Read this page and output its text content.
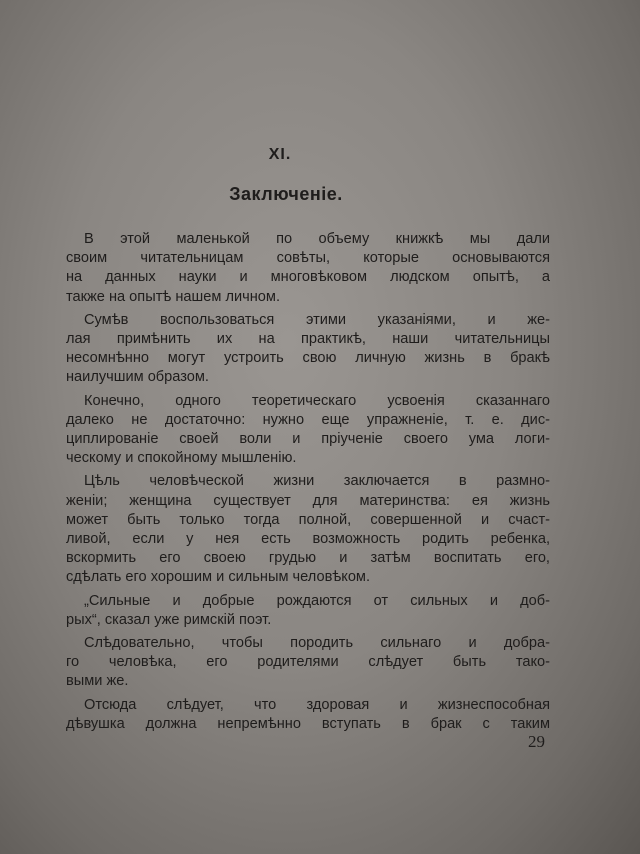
XI.
Заключенiе.
В этой маленькой по объему книжкѣ мы дали
своим читательницам совѣты, которые основываются
на данных науки и многовѣковом людском опытѣ, а
также на опытѣ нашем личном.
Сумѣв воспользоваться этими указанiями, и же-
лая примѣнить их на практикѣ, наши читательницы
несомнѣнно могут устроить свою личную жизнь в бракѣ
наилучшим образом.
Конечно, одного теоретическаго усвоенiя сказаннаго
далеко не достаточно: нужно еще упражненiе, т. е. дис-
циплированiе своей воли и прiученiе своего ума логи-
ческому и спокойному мышленiю.
Цѣль человѣческой жизни заключается в размно-
женiи; женщина существует для материнства: ея жизнь
может быть только тогда полной, совершенной и счаст-
ливой, если у нея есть возможность родить ребенка,
вскормить его своею грудью и затѣм воспитать его,
сдѣлать его хорошим и сильным человѣком.
„Сильные и добрые рождаются от сильных и доб-
рых“, сказал уже римскiй поэт.
Слѣдовательно, чтобы породить сильнаго и добра-
го человѣка, его родителями слѣдует быть тако-
выми же.
Отсюда слѣдует, что здоровая и жизнеспособная
дѣвушка должна непремѣнно вступать в брак с таким
29
